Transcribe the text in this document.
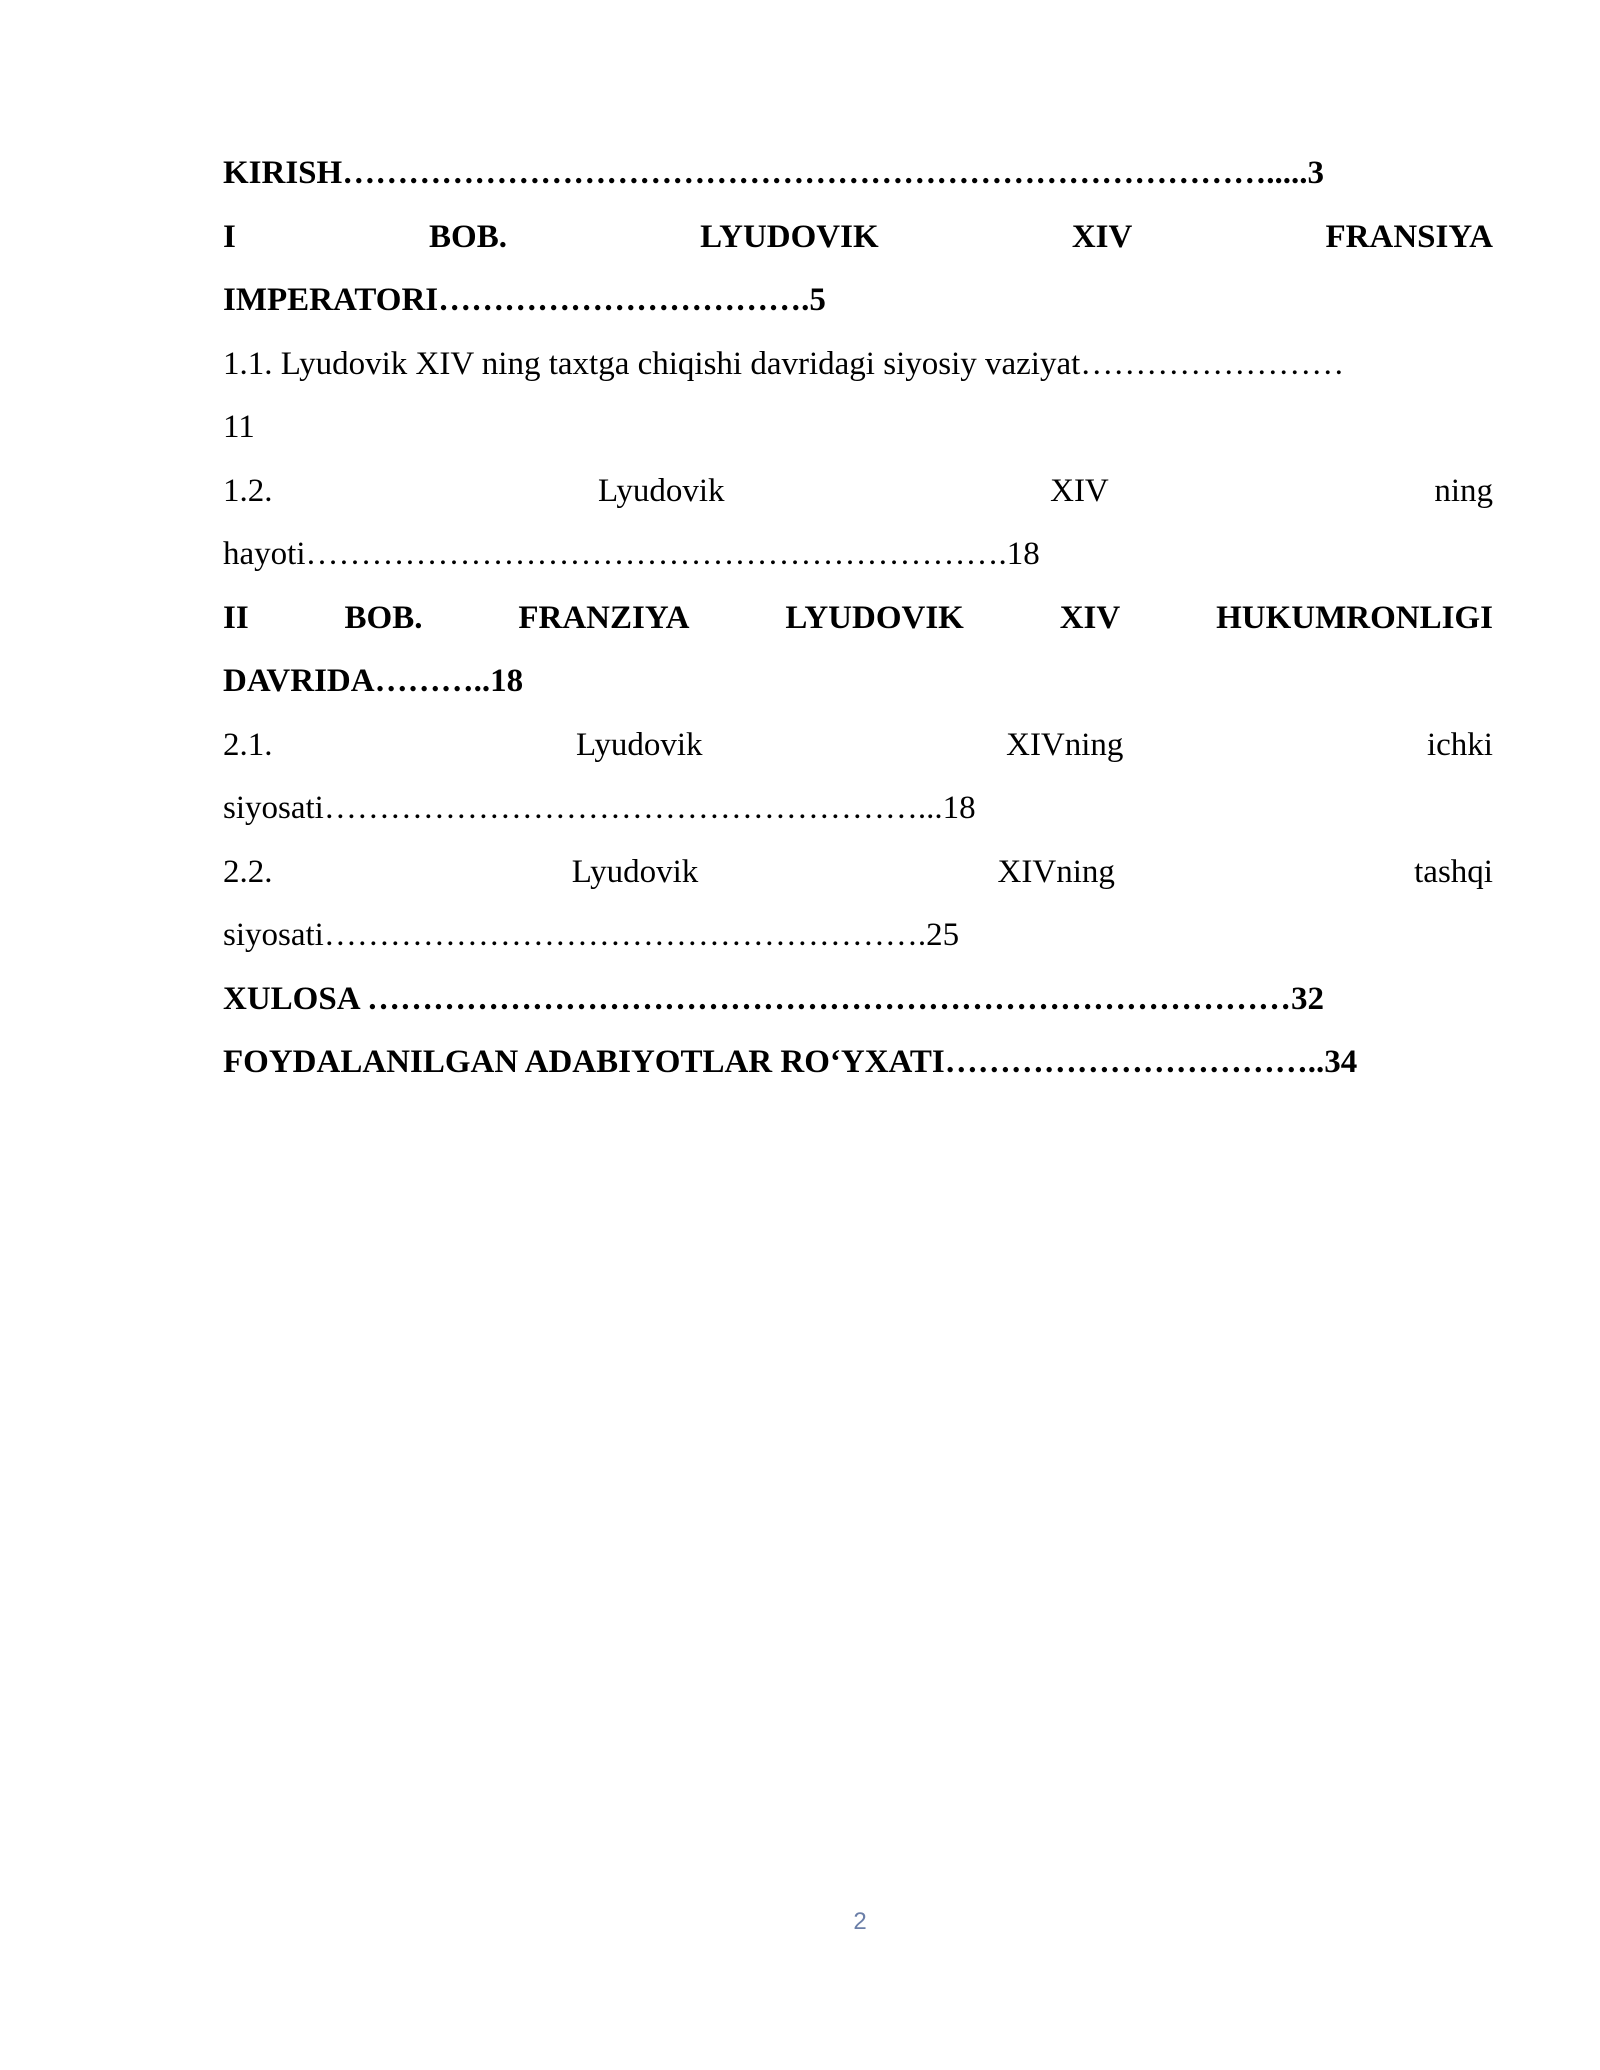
KIRISH………………………………………………………………………….....3
I	BOB.	LYUDOVIK	XIV	FRANSIYA
IMPERATORI…………………………….5
1.1. Lyudovik XIV ning taxtga chiqishi davridagi siyosiy vaziyat……………………
11
1.2.	Lyudovik	XIV	ning
hayoti……………………………………………………….18
II	BOB.	FRANZIYA	LYUDOVIK	XIV	HUKUMRONLIGI
DAVRIDA………..18
2.1.	Lyudovik	XIVning	ichki
siyosati………………………………………………...18
2.2.	Lyudovik	XIVning	tashqi
siyosati……………………………………………….25
XULOSA …………………………………………………………………………32
FOYDALANILGAN ADABIYOTLAR RO‘YXATI……………………………..34
2
